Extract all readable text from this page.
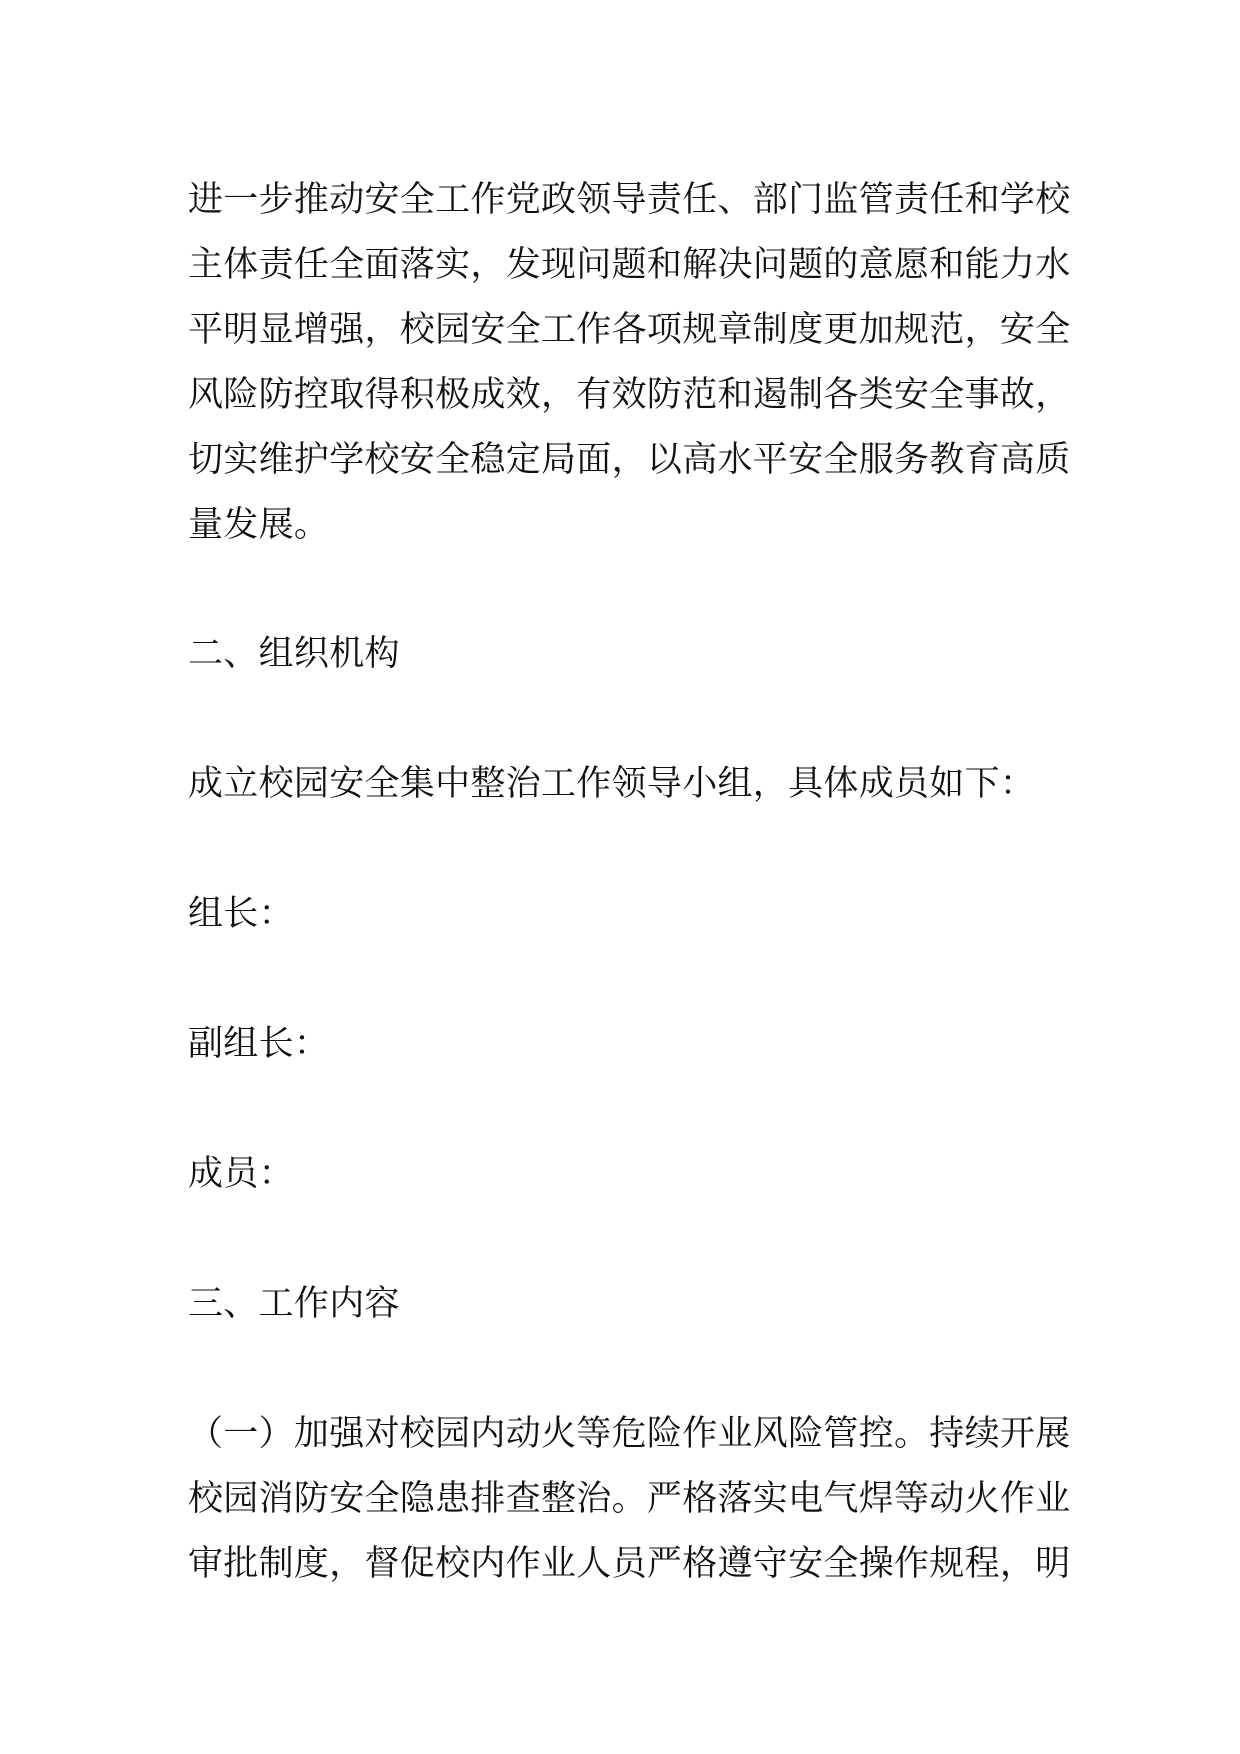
进一步推动安全工作党政领导责任、部门监管责任和学校
主体责任全面落实，发现问题和解决问题的意愿和能力水
平明显增强，校园安全工作各项规章制度更加规范，安全
风险防控取得积极成效，有效防范和遏制各类安全事故，
切实维护学校安全稳定局面，以高水平安全服务教育高质
量发展。
二、组织机构
成立校园安全集中整治工作领导小组，具体成员如下：
组长：
副组长：
成员：
三、工作内容
（一）加强对校园内动火等危险作业风险管控。持续开展
校园消防安全隐患排查整治。严格落实电气焊等动火作业
审批制度，督促校内作业人员严格遵守安全操作规程，明
